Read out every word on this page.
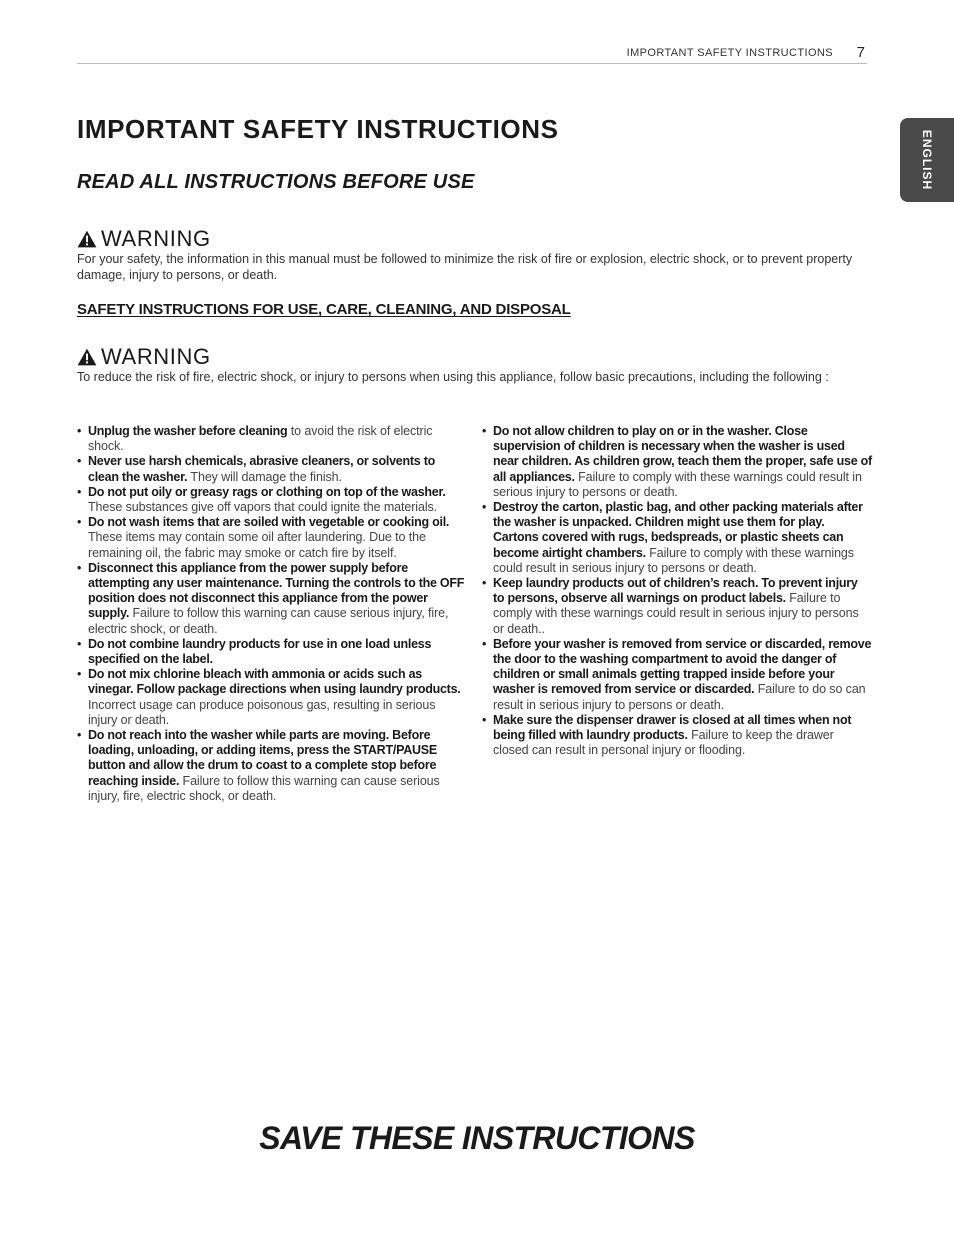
IMPORTANT SAFETY INSTRUCTIONS 7
ENGLISH
IMPORTANT SAFETY INSTRUCTIONS
READ ALL INSTRUCTIONS BEFORE USE
WARNING

For your safety, the information in this manual must be followed to minimize the risk of fire or explosion, electric shock, or to prevent property damage, injury to persons, or death.

SAFETY INSTRUCTIONS FOR USE, CARE, CLEANING, AND DISPOSAL
WARNING

To reduce the risk of fire, electric shock, or injury to persons when using this appliance, follow basic precautions, including the following :

• Unplug the washer before cleaning to avoid the risk of electric shock.
• Never use harsh chemicals, abrasive cleaners, or solvents to clean the washer. They will damage the finish.
• Do not put oily or greasy rags or clothing on top of the washer. These substances give off vapors that could ignite the materials.
• Do not wash items that are soiled with vegetable or cooking oil. These items may contain some oil after laundering. Due to the remaining oil, the fabric may smoke or catch fire by itself.
• Disconnect this appliance from the power supply before attempting any user maintenance. Turning the controls to the OFF position does not disconnect this appliance from the power supply. Failure to follow this warning can cause serious injury, fire, electric shock, or death.
• Do not combine laundry products for use in one load unless specified on the label.
• Do not mix chlorine bleach with ammonia or acids such as vinegar. Follow package directions when using laundry products. Incorrect usage can produce poisonous gas, resulting in serious injury or death.
• Do not reach into the washer while parts are moving. Before loading, unloading, or adding items, press the START/PAUSE button and allow the drum to coast to a complete stop before reaching inside. Failure to follow this warning can cause serious injury, fire, electric shock, or death.
• Do not allow children to play on or in the washer. Close supervision of children is necessary when the washer is used near children. As children grow, teach them the proper, safe use of all appliances. Failure to comply with these warnings could result in serious injury to persons or death.
• Destroy the carton, plastic bag, and other packing materials after the washer is unpacked. Children might use them for play. Cartons covered with rugs, bedspreads, or plastic sheets can become airtight chambers. Failure to comply with these warnings could result in serious injury to persons or death.
• Keep laundry products out of children’s reach. To prevent injury to persons, observe all warnings on product labels. Failure to comply with these warnings could result in serious injury to persons or death..
• Before your washer is removed from service or discarded, remove the door to the washing compartment to avoid the danger of children or small animals getting trapped inside before your washer is removed from service or discarded. Failure to do so can result in serious injury to persons or death.
• Make sure the dispenser drawer is closed at all times when not being filled with laundry products. Failure to keep the drawer closed can result in personal injury or flooding.
SAVE THESE INSTRUCTIONS
